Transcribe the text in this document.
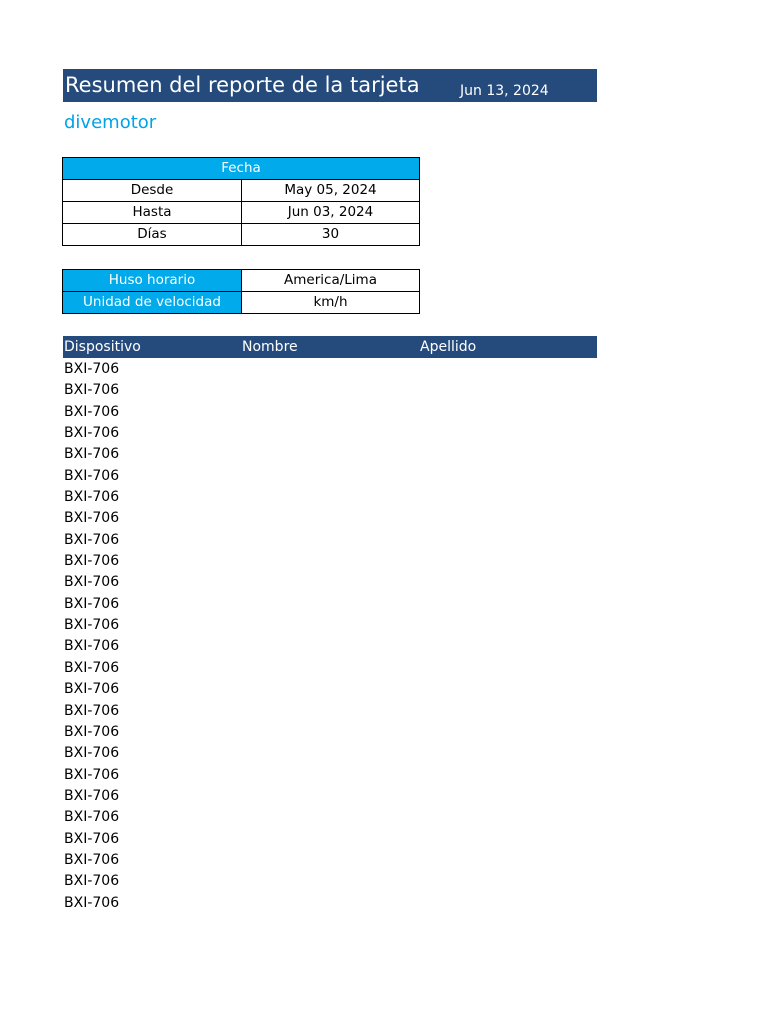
Resumen del reporte de la tarjeta	Jun 13, 2024
divemotor
Fecha	
Desde	May 05, 2024
Hasta	Jun 03, 2024
Días	30
Huso horario	America/Lima
Unidad de velocidad	km/h
Dispositivo	Nombre	Apellido
BXI-706
BXI-706
BXI-706
BXI-706
BXI-706
BXI-706
BXI-706
BXI-706
BXI-706
BXI-706
BXI-706
BXI-706
BXI-706
BXI-706
BXI-706
BXI-706
BXI-706
BXI-706
BXI-706
BXI-706
BXI-706
BXI-706
BXI-706
BXI-706
BXI-706
BXI-706
